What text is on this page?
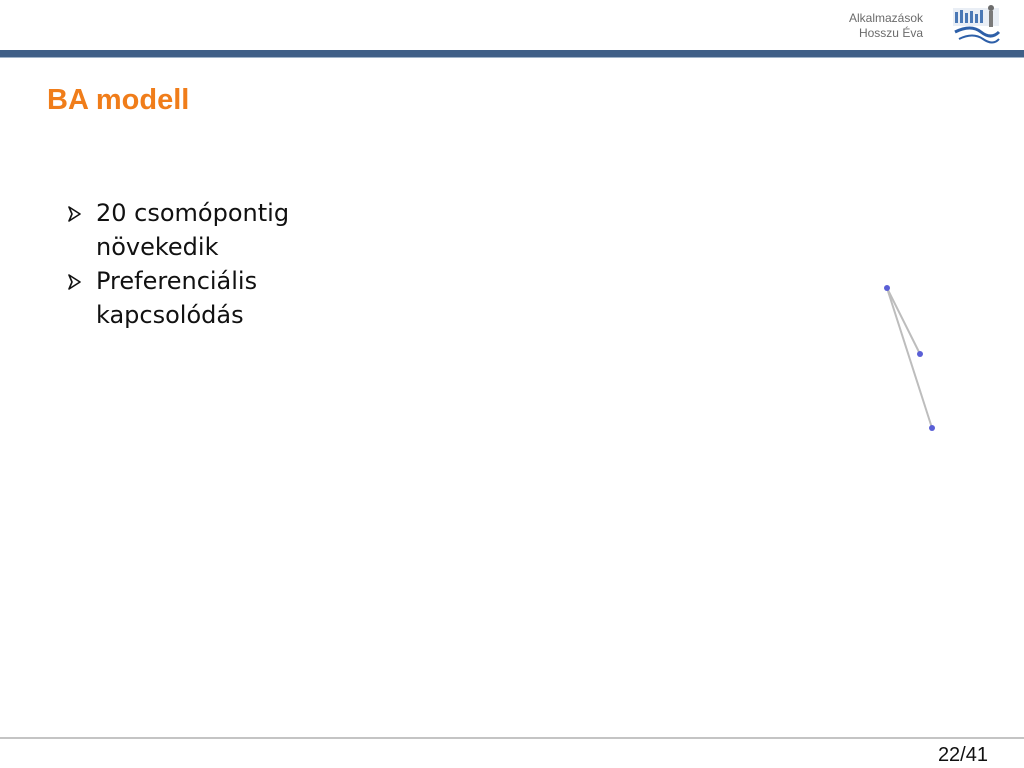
Alkalmazások
Hosszu Éva
BA modell
20 csomópontig növekedik
Preferenciális kapcsolódás
22/41
